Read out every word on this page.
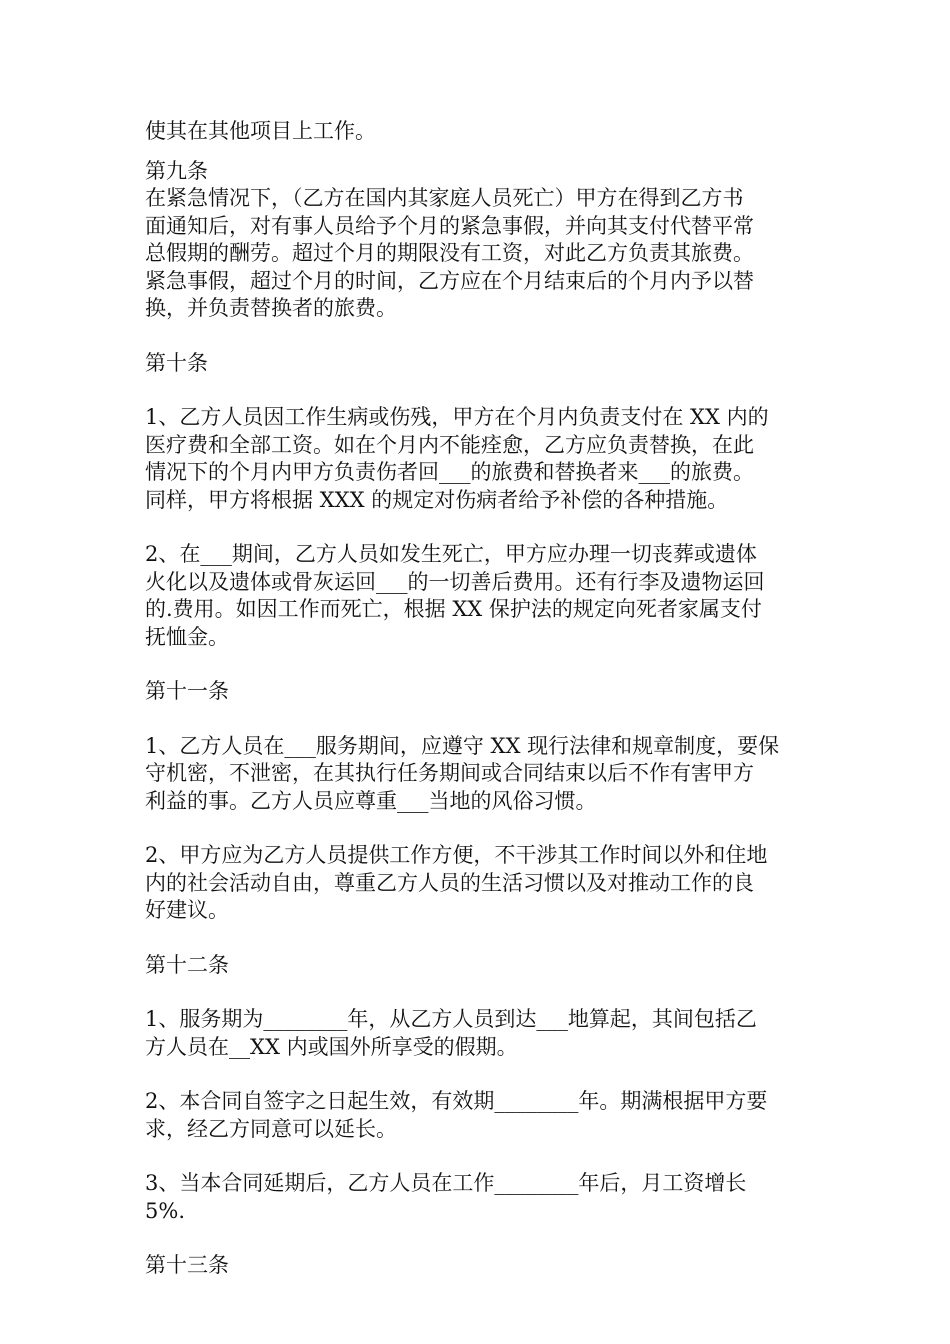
使其在其他项目上工作。
第九条
在紧急情况下，（乙方在国内其家庭人员死亡）甲方在得到乙方书
面通知后，对有事人员给予个月的紧急事假，并向其支付代替平常
总假期的酬劳。超过个月的期限没有工资，对此乙方负责其旅费。
紧急事假，超过个月的时间，乙方应在个月结束后的个月内予以替
换，并负责替换者的旅费。
第十条
1、乙方人员因工作生病或伤残，甲方在个月内负责支付在 XX 内的
医疗费和全部工资。如在个月内不能痊愈，乙方应负责替换，在此
情况下的个月内甲方负责伤者回___的旅费和替换者来___的旅费。
同样，甲方将根据 XXX 的规定对伤病者给予补偿的各种措施。
2、在___期间，乙方人员如发生死亡，甲方应办理一切丧葬或遗体
火化以及遗体或骨灰运回___的一切善后费用。还有行李及遗物运回
的.费用。如因工作而死亡，根据 XX 保护法的规定向死者家属支付
抚恤金。
第十一条
1、乙方人员在___服务期间，应遵守 XX 现行法律和规章制度，要保
守机密，不泄密，在其执行任务期间或合同结束以后不作有害甲方
利益的事。乙方人员应尊重___当地的风俗习惯。
2、甲方应为乙方人员提供工作方便，不干涉其工作时间以外和住地
内的社会活动自由，尊重乙方人员的生活习惯以及对推动工作的良
好建议。
第十二条
1、服务期为________年，从乙方人员到达___地算起，其间包括乙
方人员在__XX 内或国外所享受的假期。
2、本合同自签字之日起生效，有效期________年。期满根据甲方要
求，经乙方同意可以延长。
3、当本合同延期后，乙方人员在工作________年后，月工资增长
5%.
第十三条
